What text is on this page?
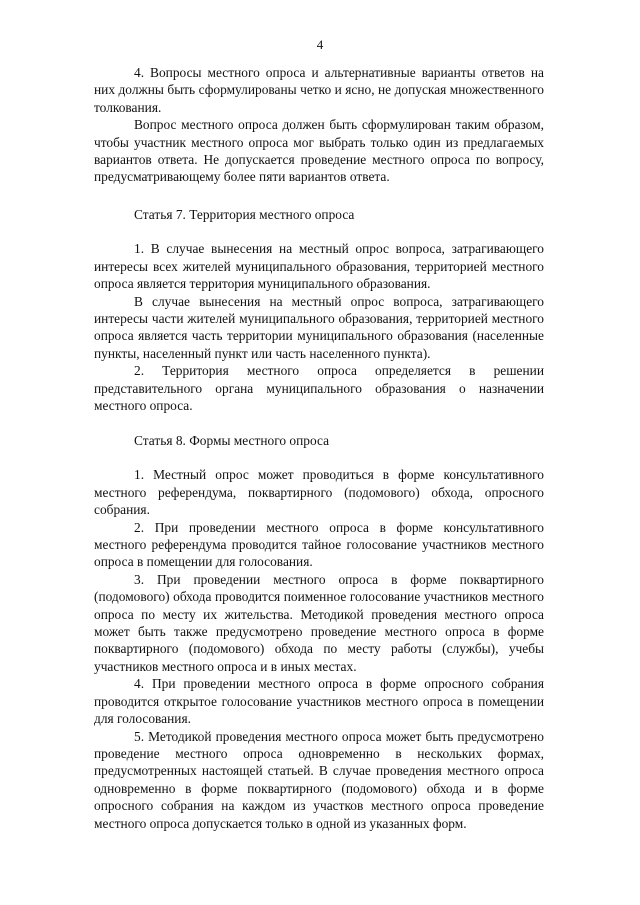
4

4. Вопросы местного опроса и альтернативные варианты ответов на них должны быть сформулированы четко и ясно, не допуская множественного толкования.

Вопрос местного опроса должен быть сформулирован таким образом, чтобы участник местного опроса мог выбрать только один из предлагаемых вариантов ответа. Не допускается проведение местного опроса по вопросу, предусматривающему более пяти вариантов ответа.

Статья 7. Территория местного опроса

1. В случае вынесения на местный опрос вопроса, затрагивающего интересы всех жителей муниципального образования, территорией местного опроса является территория муниципального образования.

В случае вынесения на местный опрос вопроса, затрагивающего интересы части жителей муниципального образования, территорией местного опроса является часть территории муниципального образования (населенные пункты, населенный пункт или часть населенного пункта).

2. Территория местного опроса определяется в решении представительного органа муниципального образования о назначении местного опроса.

Статья 8. Формы местного опроса

1. Местный опрос может проводиться в форме консультативного местного референдума, поквартирного (подомового) обхода, опросного собрания.

2. При проведении местного опроса в форме консультативного местного референдума проводится тайное голосование участников местного опроса в помещении для голосования.

3. При проведении местного опроса в форме поквартирного (подомового) обхода проводится поименное голосование участников местного опроса по месту их жительства. Методикой проведения местного опроса может быть также предусмотрено проведение местного опроса в форме поквартирного (подомового) обхода по месту работы (службы), учебы участников местного опроса и в иных местах.

4. При проведении местного опроса в форме опросного собрания проводится открытое голосование участников местного опроса в помещении для голосования.

5. Методикой проведения местного опроса может быть предусмотрено проведение местного опроса одновременно в нескольких формах, предусмотренных настоящей статьей. В случае проведения местного опроса одновременно в форме поквартирного (подомового) обхода и в форме опросного собрания на каждом из участков местного опроса проведение местного опроса допускается только в одной из указанных форм.
